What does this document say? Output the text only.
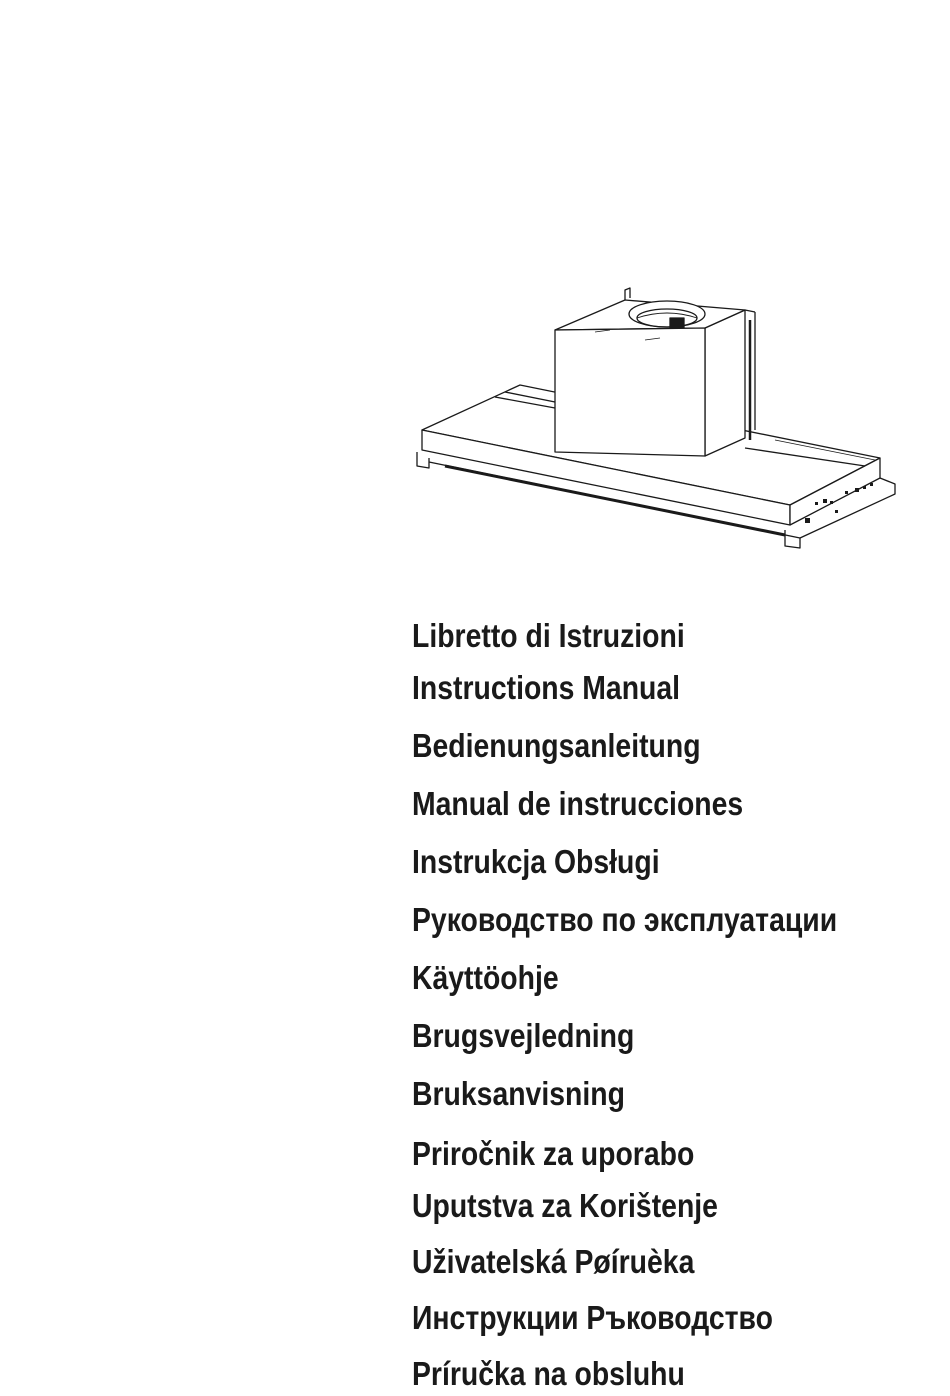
Libretto di Istruzioni
Instructions Manual
Bedienungsanleitung
Manual de instrucciones
Instrukcja Obsługi
Руководство по эксплуатации
Käyttöohje
Brugsvejledning
Bruksanvisning
Priročnik za uporabo
Uputstva za Korištenje
Uživatelská Pøíruèka
Инструкции Ръководство
Príručka na obsluhu
